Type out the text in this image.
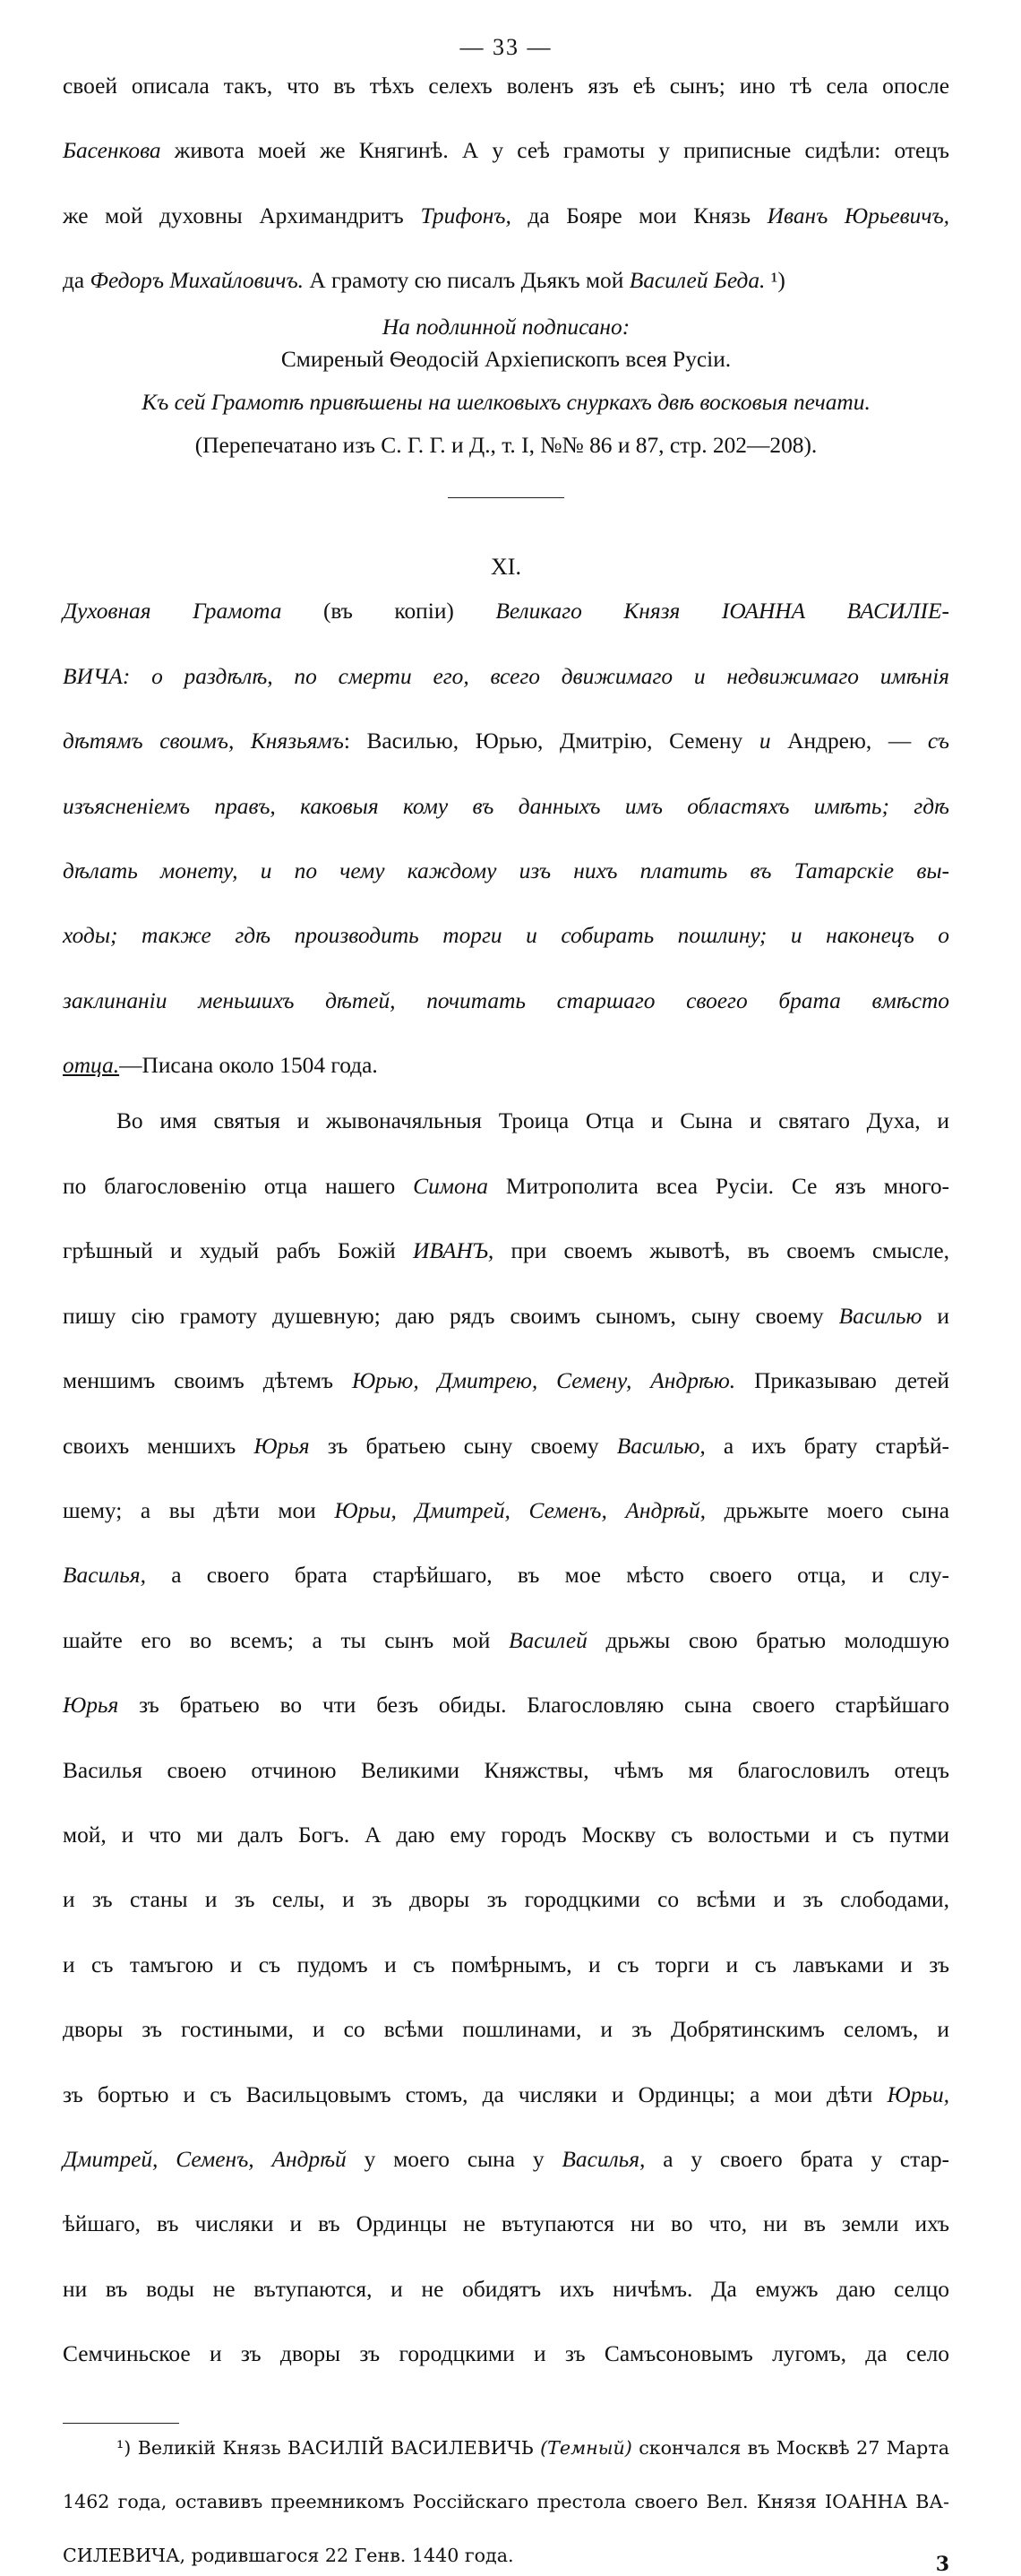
— 33 —

своей описала такъ, что въ тѣхъ селехъ воленъ язъ еѣ сынъ; ино тѣ села опосле

Басенкова живота моей же Княгинѣ. А у сеѣ грамоты у приписные сидѣли: отецъ

же мой духовны Архимандритъ Трифонъ, да Бояре мои Князь Иванъ Юрьевичъ,

да Федоръ Михайловичъ. А грамоту сю писалъ Дьякъ мой Василей Беда. ¹)

На подлинной подписано:
Смиреный Ѳеодосій Архіепископъ всея Русіи.
Къ сей Грамотѣ привѣшены на шелковыхъ снуркахъ двѣ восковыя печати.
(Перепечатано изъ С. Г. Г. и Д., т. I, №№ 86 и 87, стр. 202—208).
XI.

Духовная Грамота (въ копіи) Великаго Князя ІОАННА ВАСИЛІЕ-

ВИЧА: о раздѣлѣ, по смерти его, всего движимаго и недвижимаго имѣнія

дѣтямъ своимъ, Князьямъ: Василью, Юрью, Дмитрію, Семену и Андрею, — съ

изъясненіемъ правъ, каковыя кому въ данныхъ имъ областяхъ имѣть; гдѣ

дѣлать монету, и по чему каждому изъ нихъ платить въ Татарскіе вы-

ходы; также гдѣ производить торги и собирать пошлину; и наконецъ о

заклинаніи меньшихъ дѣтей, почитать старшаго своего брата вмѣсто

отца.—Писана около 1504 года.

Во имя святыя и жывоначяльныя Троица Отца и Сына и святаго Духа, и

по благословенію отца нашего Симона Митрополита всеа Русіи. Се язъ много-

грѣшный и худый рабъ Божій ИВАНЪ, при своемъ жывотѣ, въ своемъ смысле,

пишу сію грамоту душевную; даю рядъ своимъ сыномъ, сыну своему Василью и

меншимъ своимъ дѣтемъ Юрью, Дмитрею, Семену, Андрѣю. Приказываю детей

своихъ меншихъ Юрья зъ братьею сыну своему Василью, а ихъ брату старѣй-

шему; а вы дѣти мои Юрьи, Дмитрей, Семенъ, Андрѣй, дрьжыте моего сына

Василья, а своего брата старѣйшаго, въ мое мѣсто своего отца, и слу-

шайте его во всемъ; а ты сынъ мой Василей дрьжы свою братью молодшую

Юрья зъ братьею во чти безъ обиды. Благословляю сына своего старѣйшаго

Василья своею отчиною Великими Княжствы, чѣмъ мя благословилъ отецъ

мой, и что ми далъ Богъ. А даю ему городъ Москву съ волостьми и съ путми

и зъ станы и зъ селы, и зъ дворы зъ городцкими со всѣми и зъ слободами,

и съ тамъгою и съ пудомъ и съ помѣрнымъ, и съ торги и съ лавъками и зъ

дворы зъ гостиными, и со всѣми пошлинами, и зъ Добрятинскимъ селомъ, и

зъ бортью и съ Васильцовымъ стомъ, да числяки и Ординцы; а мои дѣти Юрьи,

Дмитрей, Семенъ, Андрѣй у моего сына у Василья, а у своего брата у стар-

ѣйшаго, въ числяки и въ Ординцы не вътупаются ни во что, ни въ земли ихъ

ни въ воды не вътупаются, и не обидятъ ихъ ничѣмъ. Да емужъ даю селцо

Семчиньское и зъ дворы зъ городцкими и зъ Самъсоновымъ лугомъ, да село

¹) Великій Князь ВАСИЛІЙ ВАСИЛЕВИЧЬ (Темный) скончался въ Москвѣ 27 Марта

1462 года, оставивъ преемникомъ Россійскаго престола своего Вел. Князя ІОАННА ВА-

СИЛЕВИЧА, родившагося 22 Генв. 1440 года.	3
